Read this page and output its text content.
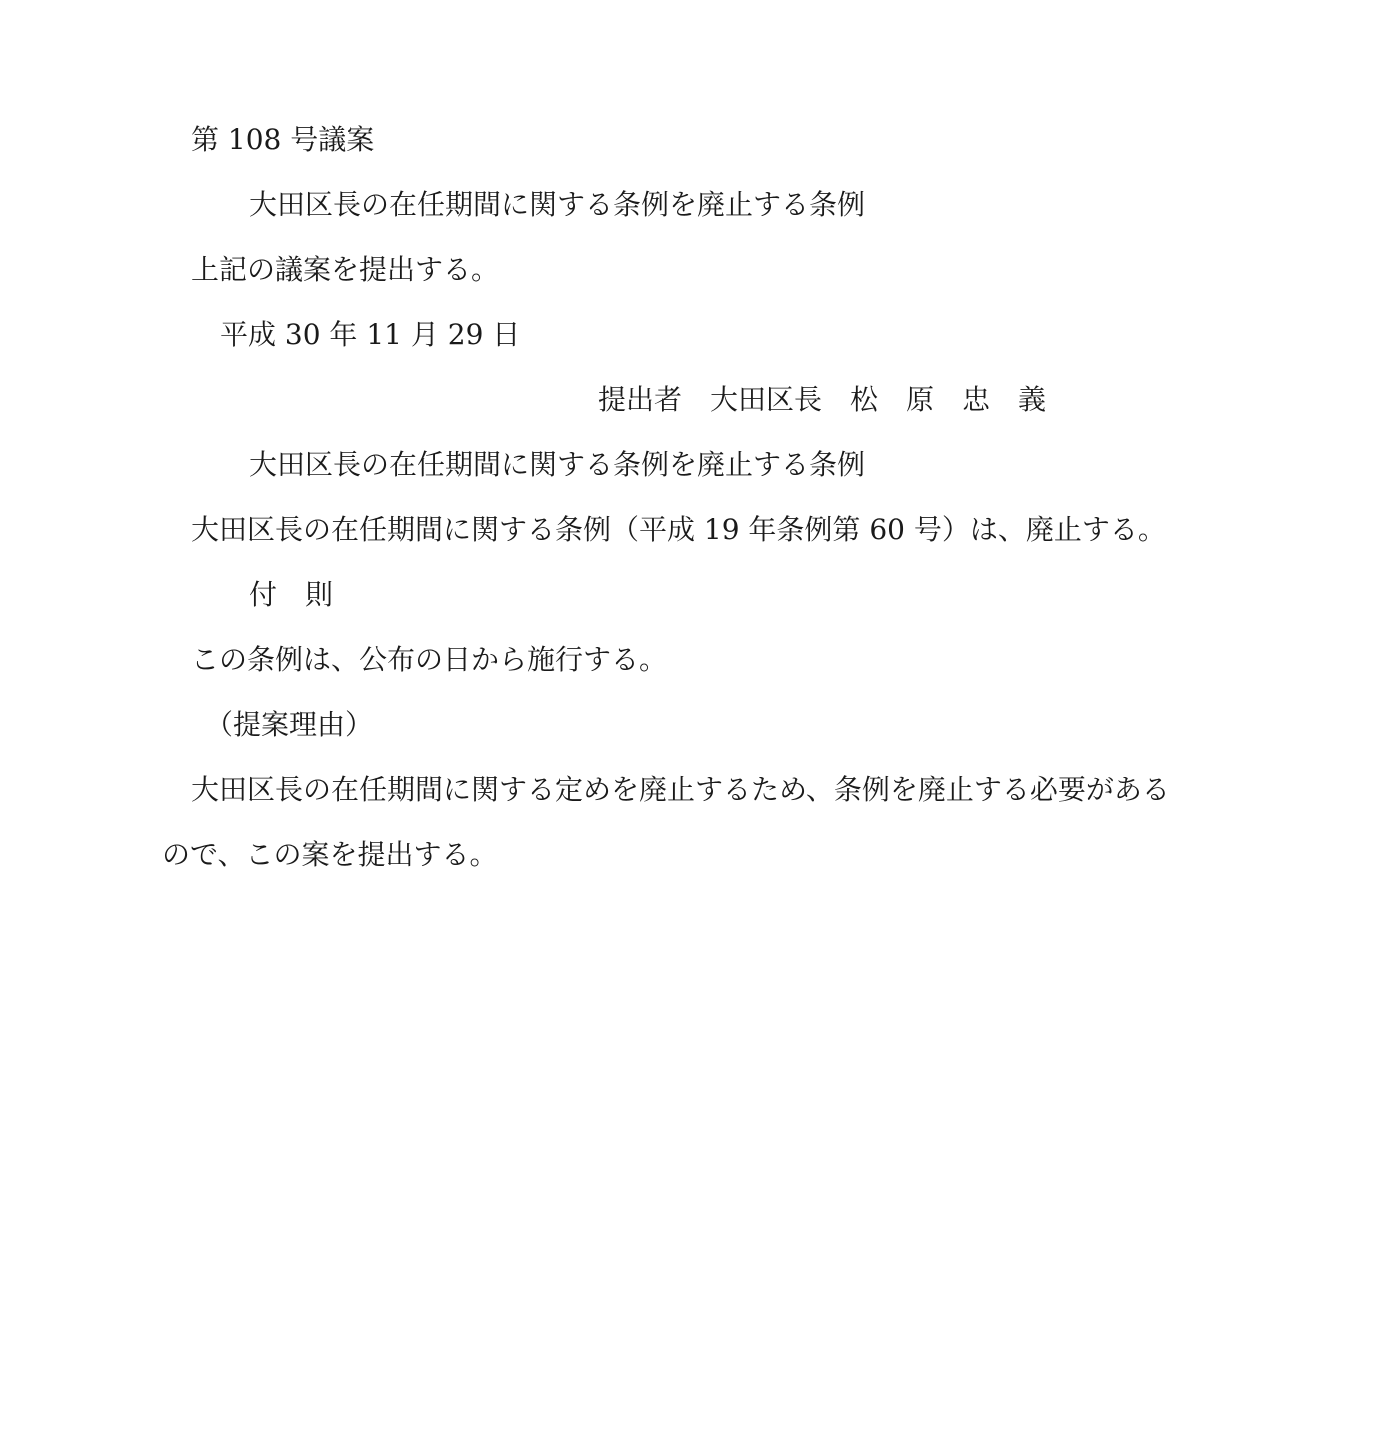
第 108 号議案
大田区長の在任期間に関する条例を廃止する条例
上記の議案を提出する。
平成 30 年 11 月 29 日
提出者　大田区長　松　原　忠　義
大田区長の在任期間に関する条例を廃止する条例
大田区長の在任期間に関する条例（平成 19 年条例第 60 号）は、廃止する。
付　則
この条例は、公布の日から施行する。
（提案理由）
大田区長の在任期間に関する定めを廃止するため、条例を廃止する必要がある
ので、この案を提出する。
